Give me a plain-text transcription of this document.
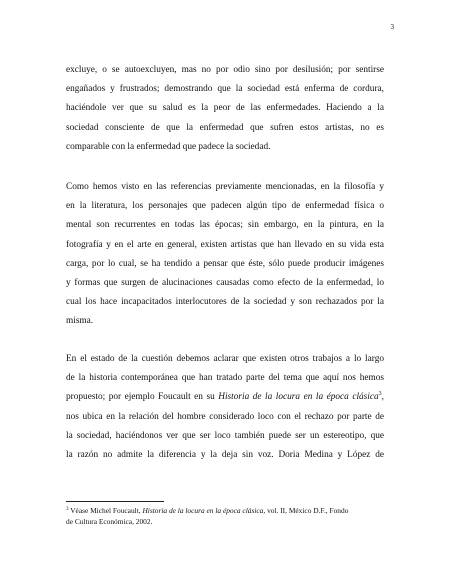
3

excluye, o se autoexcluyen, mas no por odio sino por desilusión; por sentirse

engañados y frustrados; demostrando que la sociedad está enferma de cordura,

haciéndole ver que su salud es la peor de las enfermedades. Haciendo a la

sociedad consciente de que la enfermedad que sufren estos artistas, no es

comparable con la enfermedad que padece la sociedad.

Como hemos visto en las referencias previamente mencionadas, en la filosofía y

en la literatura, los personajes que padecen algún tipo de enfermedad física o

mental son recurrentes en todas las épocas; sin embargo, en la pintura, en la

fotografía y en el arte en general, existen artistas que han llevado en su vida esta

carga, por lo cual, se ha tendido a pensar que éste, sólo puede producir imágenes

y formas que surgen de alucinaciones causadas como efecto de la enfermedad, lo

cual los hace incapacitados interlocutores de la sociedad y son rechazados por la

misma.

En el estado de la cuestión debemos aclarar que existen otros trabajos a lo largo

de la historia contemporánea que han tratado parte del tema que aquí nos hemos

propuesto; por ejemplo Foucault en su Historia de la locura en la época clásica$^3$,

nos ubica en la relación del hombre considerado loco con el rechazo por parte de

la sociedad, haciéndonos ver que ser loco también puede ser un estereotipo, que

la razón no admite la diferencia y la deja sin voz. Doria Medina y López de

$^3$ Véase Michel Foucault, Historia de la locura en la época clásica, vol. II, México D.F., Fondo

de Cultura Económica, 2002.
